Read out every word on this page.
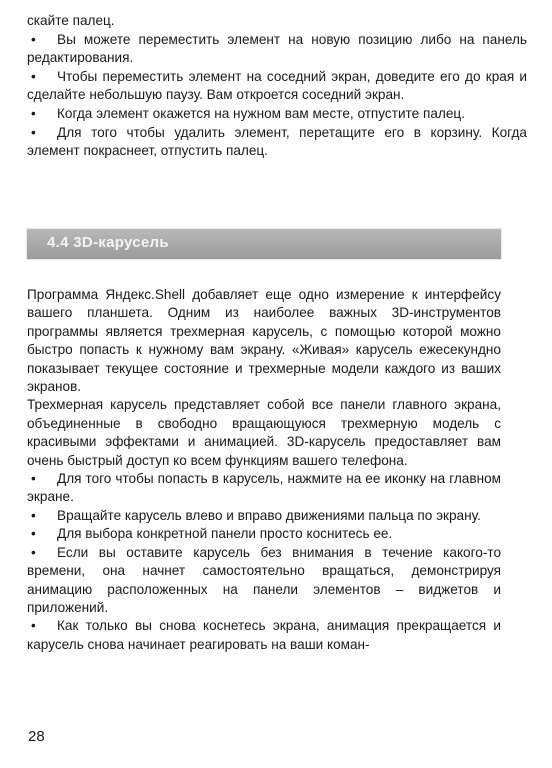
скайте палец.

• Вы можете переместить элемент на новую позицию либо на панель редактирования.

• Чтобы переместить элемент на соседний экран, доведите его до края и сделайте небольшую паузу. Вам откроется соседний экран.

• Когда элемент окажется на нужном вам месте, отпустите палец.

• Для того чтобы удалить элемент, перетащите его в корзину. Когда элемент покраснеет, отпустить палец.

4.4 3D-карусель

Программа Яндекс.Shell добавляет еще одно измерение к интерфейсу вашего планшета. Одним из наиболее важных 3D-инструментов программы является трехмерная карусель, с помощью которой можно быстро попасть к нужному вам экрану. «Живая» карусель ежесекундно показывает текущее состояние и трехмерные модели каждого из ваших экранов.

Трехмерная карусель представляет собой все панели главного экрана, объединенные в свободно вращающуюся трехмерную модель с красивыми эффектами и анимацией. 3D-карусель предоставляет вам очень быстрый доступ ко всем функциям вашего телефона.

• Для того чтобы попасть в карусель, нажмите на ее иконку на главном экране.

• Вращайте карусель влево и вправо движениями пальца по экрану.

• Для выбора конкретной панели просто коснитесь ее.

• Если вы оставите карусель без внимания в течение какого-то времени, она начнет самостоятельно вращаться, демонстрируя анимацию расположенных на панели элементов – виджетов и приложений.

• Как только вы снова коснетесь экрана, анимация прекращается и карусель снова начинает реагировать на ваши коман-

28
